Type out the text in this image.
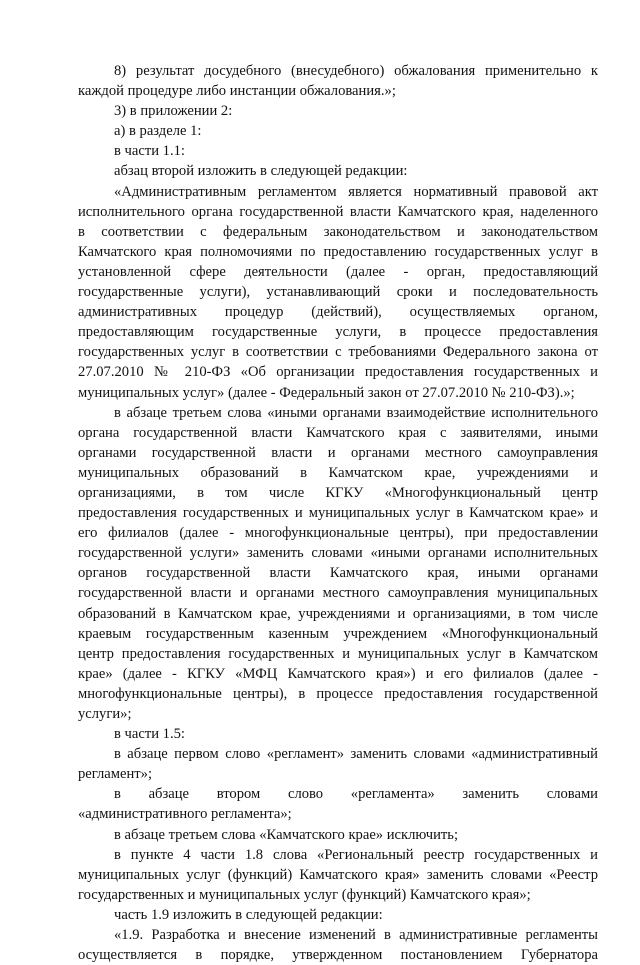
8) результат досудебного (внесудебного) обжалования применительно к
каждой процедуре либо инстанции обжалования.»;
3) в приложении 2:
а) в разделе 1:
в части 1.1:
абзац второй изложить в следующей редакции:
«Административным регламентом является нормативный правовой акт
исполнительного органа государственной власти Камчатского края, наделенного
в соответствии с федеральным законодательством и законодательством
Камчатского края полномочиями по предоставлению государственных услуг в
установленной сфере деятельности (далее - орган, предоставляющий
государственные услуги), устанавливающий сроки и последовательность
административных процедур (действий), осуществляемых органом,
предоставляющим государственные услуги, в процессе предоставления
государственных услуг в соответствии с требованиями Федерального закона от
27.07.2010 № 210-ФЗ «Об организации предоставления государственных и
муниципальных услуг» (далее - Федеральный закон от 27.07.2010 № 210-ФЗ).»;
в абзаце третьем слова «иными органами взаимодействие исполнительного
органа государственной власти Камчатского края с заявителями, иными
органами государственной власти и органами местного самоуправления
муниципальных образований в Камчатском крае, учреждениями и
организациями, в том числе КГКУ «Многофункциональный центр
предоставления государственных и муниципальных услуг в Камчатском крае» и
его филиалов (далее - многофункциональные центры), при предоставлении
государственной услуги» заменить словами «иными органами исполнительных
органов государственной власти Камчатского края, иными органами
государственной власти и органами местного самоуправления муниципальных
образований в Камчатском крае, учреждениями и организациями, в том числе
краевым государственным казенным учреждением «Многофункциональный
центр предоставления государственных и муниципальных услуг в Камчатском
крае» (далее - КГКУ «МФЦ Камчатского края») и его филиалов (далее -
многофункциональные центры), в процессе предоставления государственной
услуги»;
в части 1.5:
в абзаце первом слово «регламент» заменить словами «административный
регламент»;
в абзаце втором слово «регламента» заменить словами
«административного регламента»;
в абзаце третьем слова «Камчатского крае» исключить;
в пункте 4 части 1.8 слова «Региональный реестр государственных и
муниципальных услуг (функций) Камчатского края» заменить словами «Реестр
государственных и муниципальных услуг (функций) Камчатского края»;
часть 1.9 изложить в следующей редакции:
«1.9. Разработка и внесение изменений в административные регламенты
осуществляется в порядке, утвержденном постановлением Губернатора
